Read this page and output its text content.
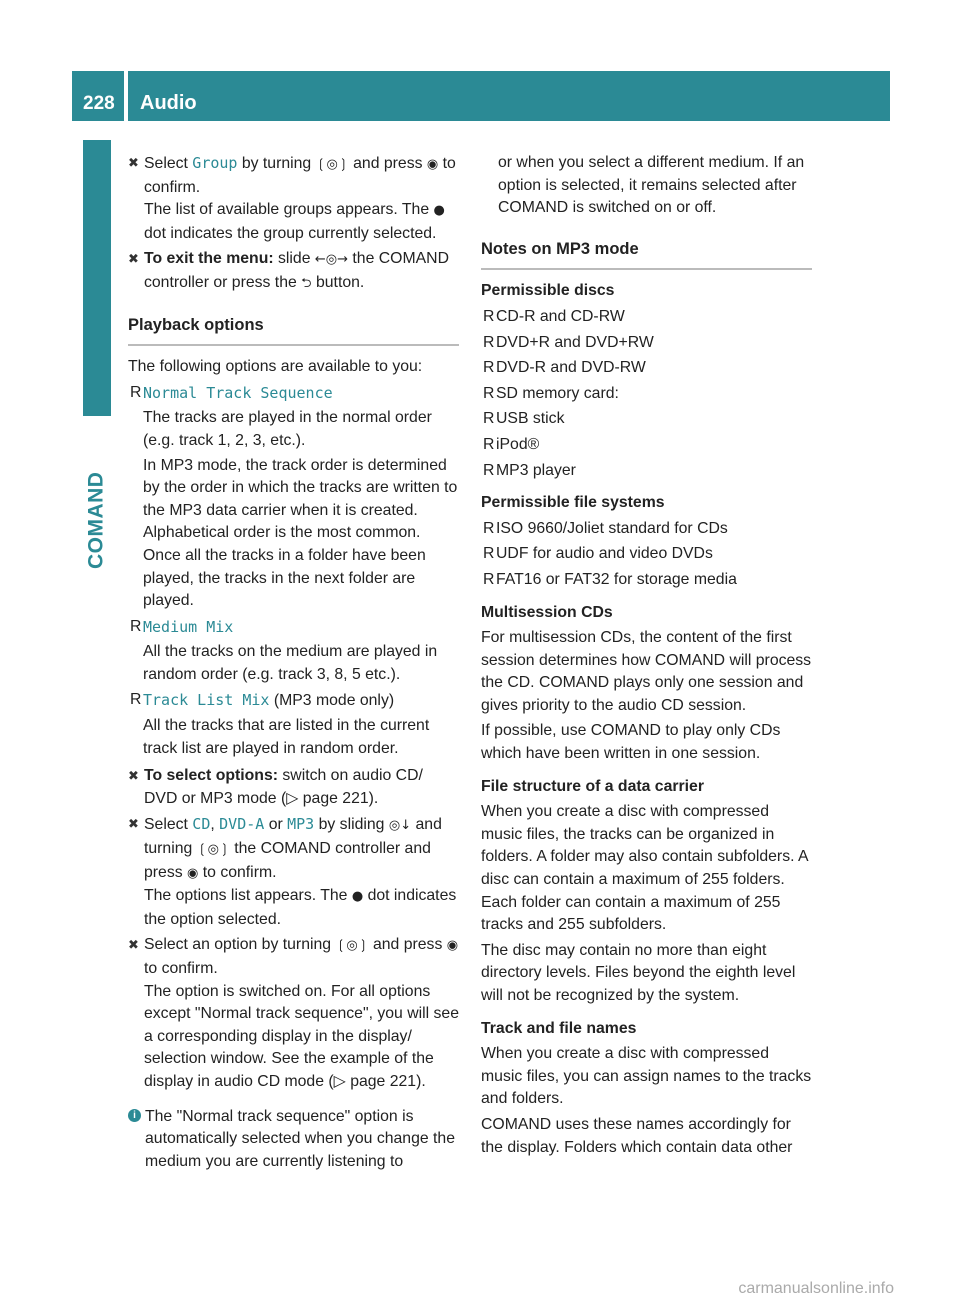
228 Audio
COMAND
✖ Select Group by turning ❲◎❳ and press ◉ to confirm.
The list of available groups appears. The ● dot indicates the group currently selected.
✖ To exit the menu: slide ←◎→ the COMAND controller or press the ⮌ button.
Playback options
The following options are available to you:
R Normal Track Sequence
The tracks are played in the normal order (e.g. track 1, 2, 3, etc.).
In MP3 mode, the track order is determined by the order in which the tracks are written to the MP3 data carrier when it is created. Alphabetical order is the most common. Once all the tracks in a folder have been played, the tracks in the next folder are played.
R Medium Mix
All the tracks on the medium are played in random order (e.g. track 3, 8, 5 etc.).
R Track List Mix (MP3 mode only)
All the tracks that are listed in the current track list are played in random order.
✖ To select options: switch on audio CD/ DVD or MP3 mode (▷ page 221).
✖ Select CD, DVD-A or MP3 by sliding ◎↓ and turning ❲◎❳ the COMAND controller and press ◉ to confirm.
The options list appears. The ● dot indicates the option selected.
✖ Select an option by turning ❲◎❳ and press ◉ to confirm.
The option is switched on. For all options except "Normal track sequence", you will see a corresponding display in the display/ selection window. See the example of the display in audio CD mode (▷ page 221).
i The "Normal track sequence" option is automatically selected when you change the medium you are currently listening to
or when you select a different medium. If an option is selected, it remains selected after COMAND is switched on or off.
Notes on MP3 mode
Permissible discs
R CD-R and CD-RW
R DVD+R and DVD+RW
R DVD-R and DVD-RW
R SD memory card:
R USB stick
R iPod®
R MP3 player
Permissible file systems
R ISO 9660/Joliet standard for CDs
R UDF for audio and video DVDs
R FAT16 or FAT32 for storage media
Multisession CDs
For multisession CDs, the content of the first session determines how COMAND will process the CD. COMAND plays only one session and gives priority to the audio CD session.
If possible, use COMAND to play only CDs which have been written in one session.
File structure of a data carrier
When you create a disc with compressed music files, the tracks can be organized in folders. A folder may also contain subfolders. A disc can contain a maximum of 255 folders. Each folder can contain a maximum of 255 tracks and 255 subfolders.
The disc may contain no more than eight directory levels. Files beyond the eighth level will not be recognized by the system.
Track and file names
When you create a disc with compressed music files, you can assign names to the tracks and folders.
COMAND uses these names accordingly for the display. Folders which contain data other
carmanualsonline.info
